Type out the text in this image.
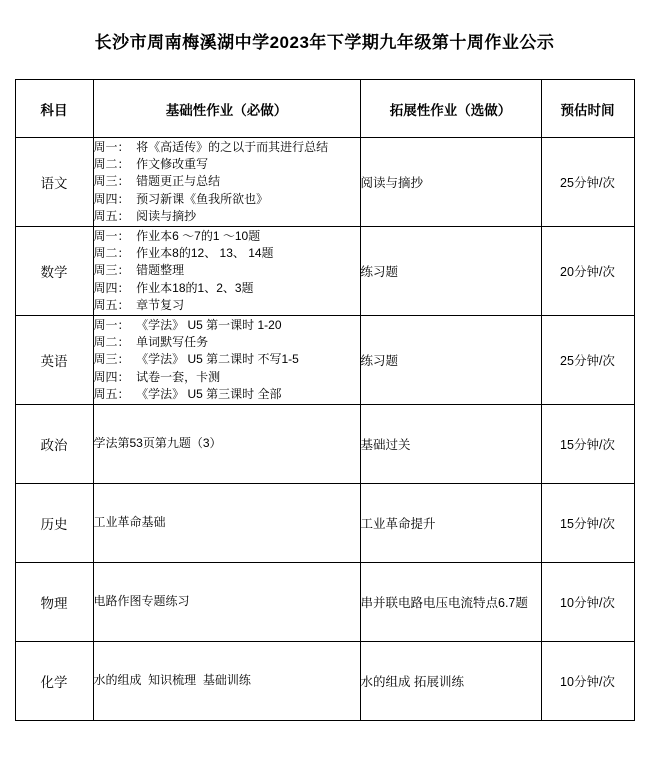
长沙市周南梅溪湖中学2023年下学期九年级第十周作业公示
科目	基础性作业（必做）	拓展性作业（选做）	预估时间
语文	周一：  将《高适传》的之以于而其进行总结
周二：  作文修改重写
周三：  错题更正与总结
周四：  预习新课《鱼我所欲也》
周五：  阅读与摘抄	阅读与摘抄	25分钟/次
数学	周一：  作业本6 ～7的1 ～10题
周二：  作业本8的12、 13、 14题
周三：  错题整理
周四：  作业本18的1、2、3题
周五：  章节复习	练习题	20分钟/次
英语	周一：  《学法》 U5 第一课时 1-20
周二：  单词默写任务
周三：  《学法》 U5 第二课时 不写1-5
周四：  试卷一套，卡测
周五：  《学法》 U5 第三课时 全部	练习题	25分钟/次
政治	学法第53页第九题（3）	基础过关	15分钟/次
历史	工业革命基础	工业革命提升	15分钟/次
物理	电路作图专题练习	串并联电路电压电流特点6.7题	10分钟/次
化学	水的组成  知识梳理  基础训练	水的组成 拓展训练	10分钟/次
